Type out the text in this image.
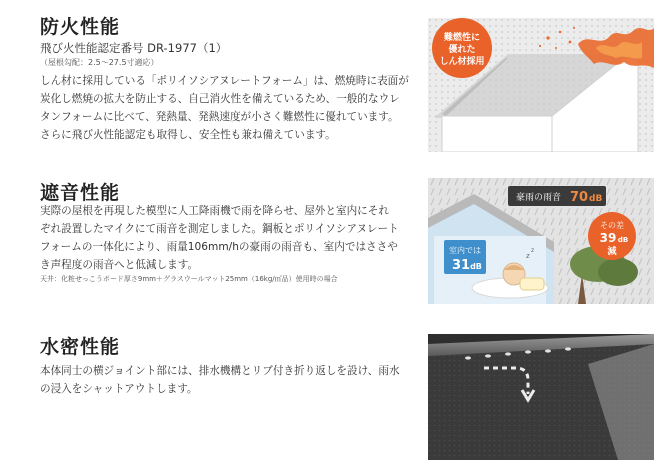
防火性能
飛び火性能認定番号 DR-1977（1）
（屋根勾配：2.5〜27.5寸適応）
しん材に採用している「ポリイソシアヌレートフォーム」は、燃焼時に表面が
炭化し燃焼の拡大を防止する、自己消火性を備えているため、一般的なウレ
タンフォームに比べて、発熱量、発熱速度が小さく難燃性に優れています。
さらに飛び火性能認定も取得し、安全性も兼ね備えています。
難燃性に
優れた
しん材採用
遮音性能
実際の屋根を再現した模型に人工降雨機で雨を降らせ、屋外と室内にそれ
ぞれ設置したマイクにて雨音を測定しました。鋼板とポリイソシアヌレート
フォームの一体化により、雨量106mm/hの豪雨の雨音も、室内ではささや
き声程度の雨音へと低減します。
天井：化粧せっこうボード厚さ9mm＋グラスウールマット25mm（16kg/㎡品）使用時の場合
z
z
豪雨の雨音 70 dB
室内では
31 dB
その差
39 dB
減
水密性能
本体同士の横ジョイント部には、排水機構とリブ付き折り返しを設け、雨水
の浸入をシャットアウトします。
